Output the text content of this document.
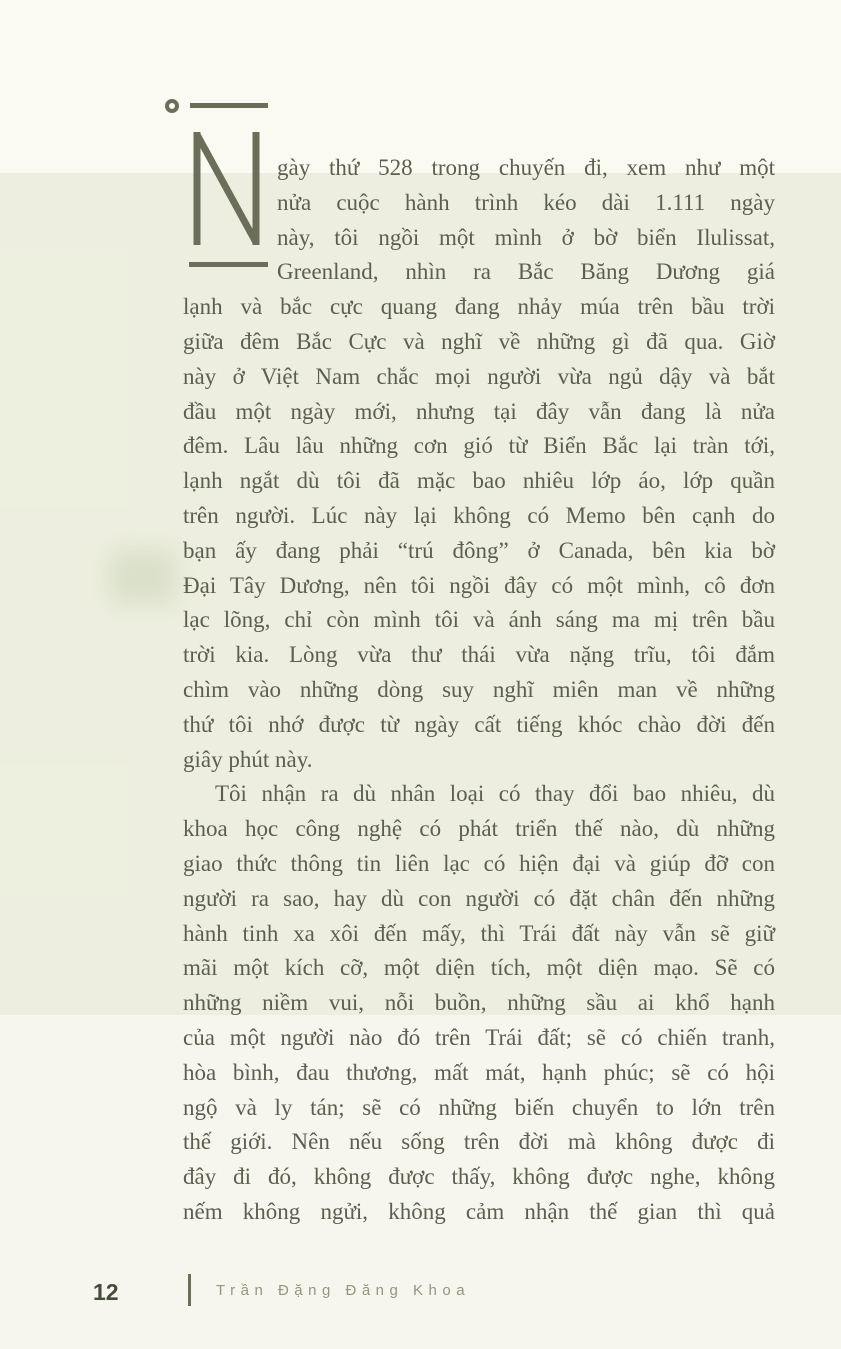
gày thứ 528 trong chuyến đi, xem như một
nửa cuộc hành trình kéo dài 1.111 ngày
này, tôi ngồi một mình ở bờ biển Ilulissat,
Greenland, nhìn ra Bắc Băng Dương giá
lạnh và bắc cực quang đang nhảy múa trên bầu trời
giữa đêm Bắc Cực và nghĩ về những gì đã qua. Giờ
này ở Việt Nam chắc mọi người vừa ngủ dậy và bắt
đầu một ngày mới, nhưng tại đây vẫn đang là nửa
đêm. Lâu lâu những cơn gió từ Biển Bắc lại tràn tới,
lạnh ngắt dù tôi đã mặc bao nhiêu lớp áo, lớp quần
trên người. Lúc này lại không có Memo bên cạnh do
bạn ấy đang phải “trú đông” ở Canada, bên kia bờ
Đại Tây Dương, nên tôi ngồi đây có một mình, cô đơn
lạc lõng, chỉ còn mình tôi và ánh sáng ma mị trên bầu
trời kia. Lòng vừa thư thái vừa nặng trĩu, tôi đắm
chìm vào những dòng suy nghĩ miên man về những
thứ tôi nhớ được từ ngày cất tiếng khóc chào đời đến
giây phút này.
Tôi nhận ra dù nhân loại có thay đổi bao nhiêu, dù
khoa học công nghệ có phát triển thế nào, dù những
giao thức thông tin liên lạc có hiện đại và giúp đỡ con
người ra sao, hay dù con người có đặt chân đến những
hành tinh xa xôi đến mấy, thì Trái đất này vẫn sẽ giữ
mãi một kích cỡ, một diện tích, một diện mạo. Sẽ có
những niềm vui, nỗi buồn, những sầu ai khổ hạnh
của một người nào đó trên Trái đất; sẽ có chiến tranh,
hòa bình, đau thương, mất mát, hạnh phúc; sẽ có hội
ngộ và ly tán; sẽ có những biến chuyển to lớn trên
thế giới. Nên nếu sống trên đời mà không được đi
đây đi đó, không được thấy, không được nghe, không
nếm không ngửi, không cảm nhận thế gian thì quả
12	Trần Đặng Đăng Khoa
